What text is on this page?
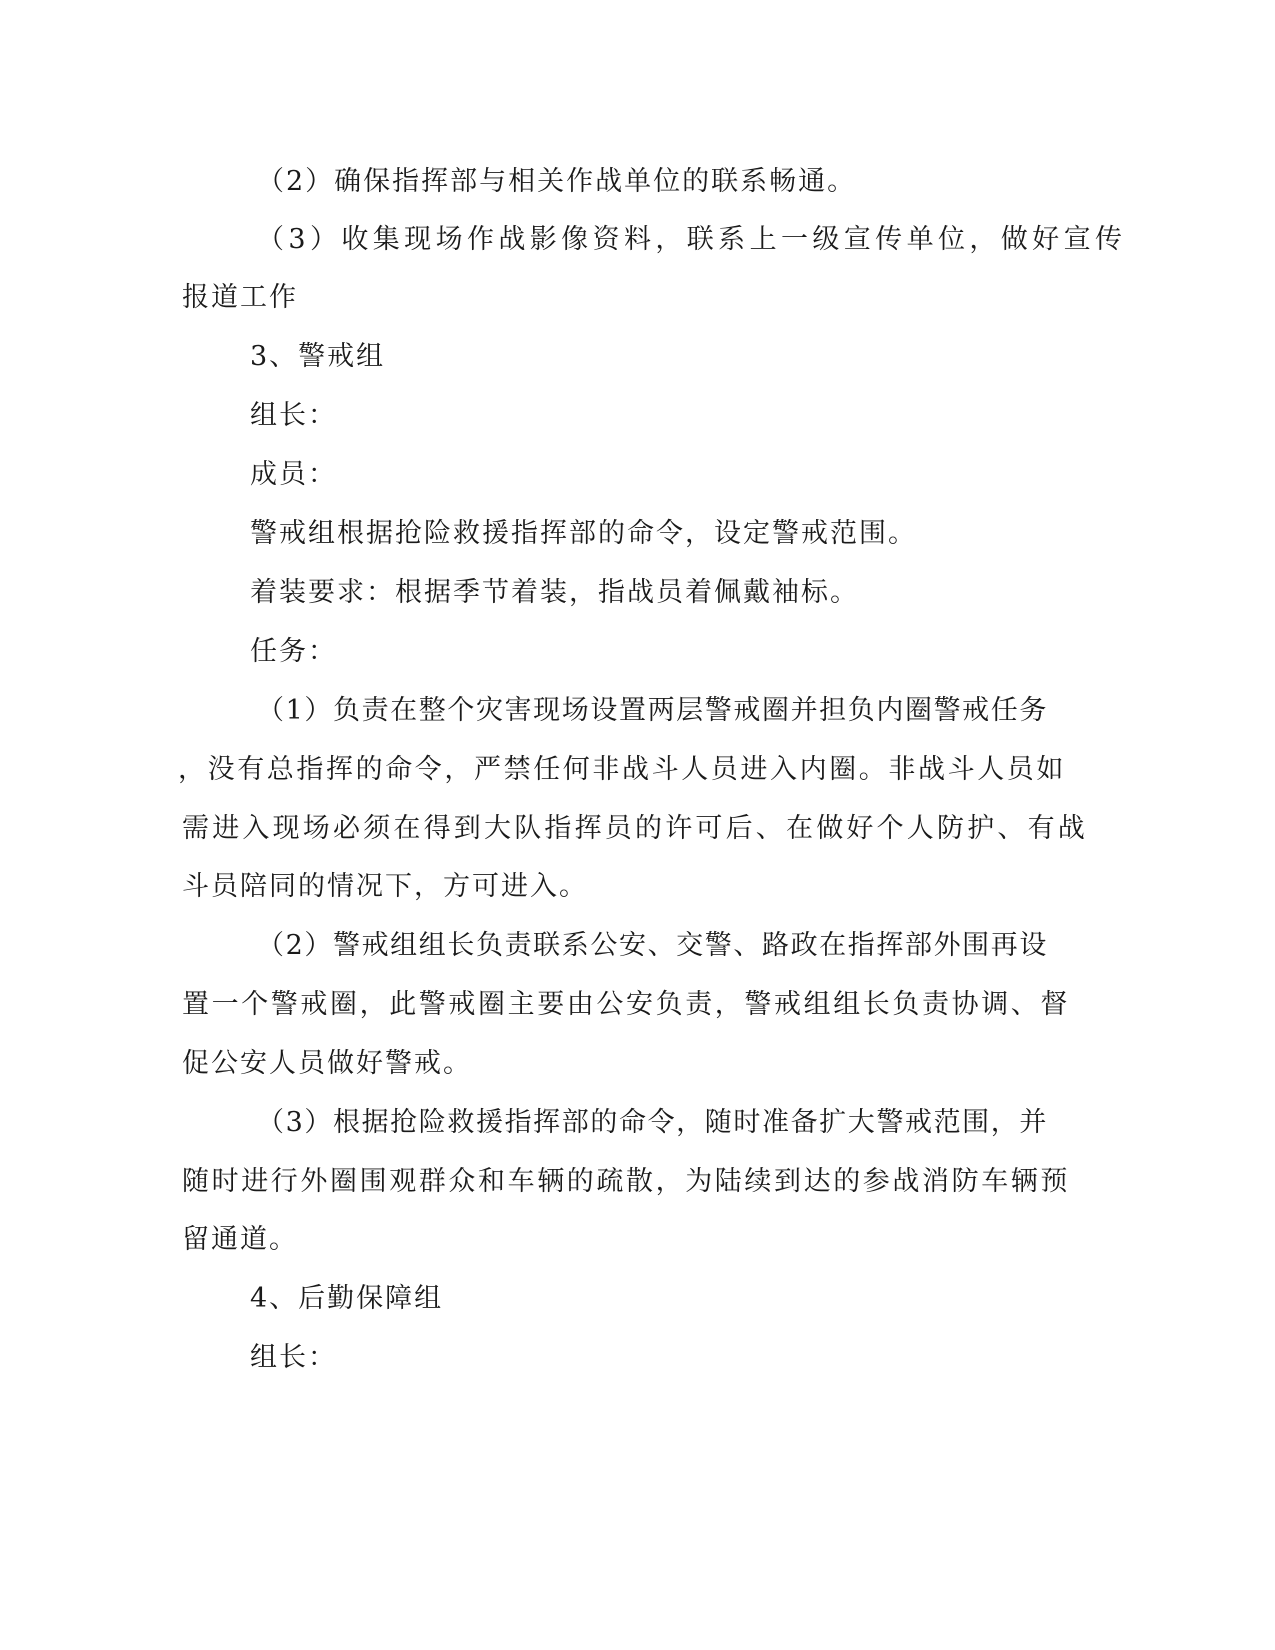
（2）确保指挥部与相关作战单位的联系畅通。

（3）收集现场作战影像资料，联系上一级宣传单位，做好宣传

报道工作

3、警戒组

组长：

成员：

警戒组根据抢险救援指挥部的命令，设定警戒范围。

着装要求：根据季节着装，指战员着佩戴袖标。

任务：

（1）负责在整个灾害现场设置两层警戒圈并担负内圈警戒任务

，没有总指挥的命令，严禁任何非战斗人员进入内圈。非战斗人员如

需进入现场必须在得到大队指挥员的许可后、在做好个人防护、有战

斗员陪同的情况下，方可进入。

（2）警戒组组长负责联系公安、交警、路政在指挥部外围再设

置一个警戒圈，此警戒圈主要由公安负责，警戒组组长负责协调、督

促公安人员做好警戒。

（3）根据抢险救援指挥部的命令，随时准备扩大警戒范围，并

随时进行外圈围观群众和车辆的疏散，为陆续到达的参战消防车辆预

留通道。

4、后勤保障组

组长：
